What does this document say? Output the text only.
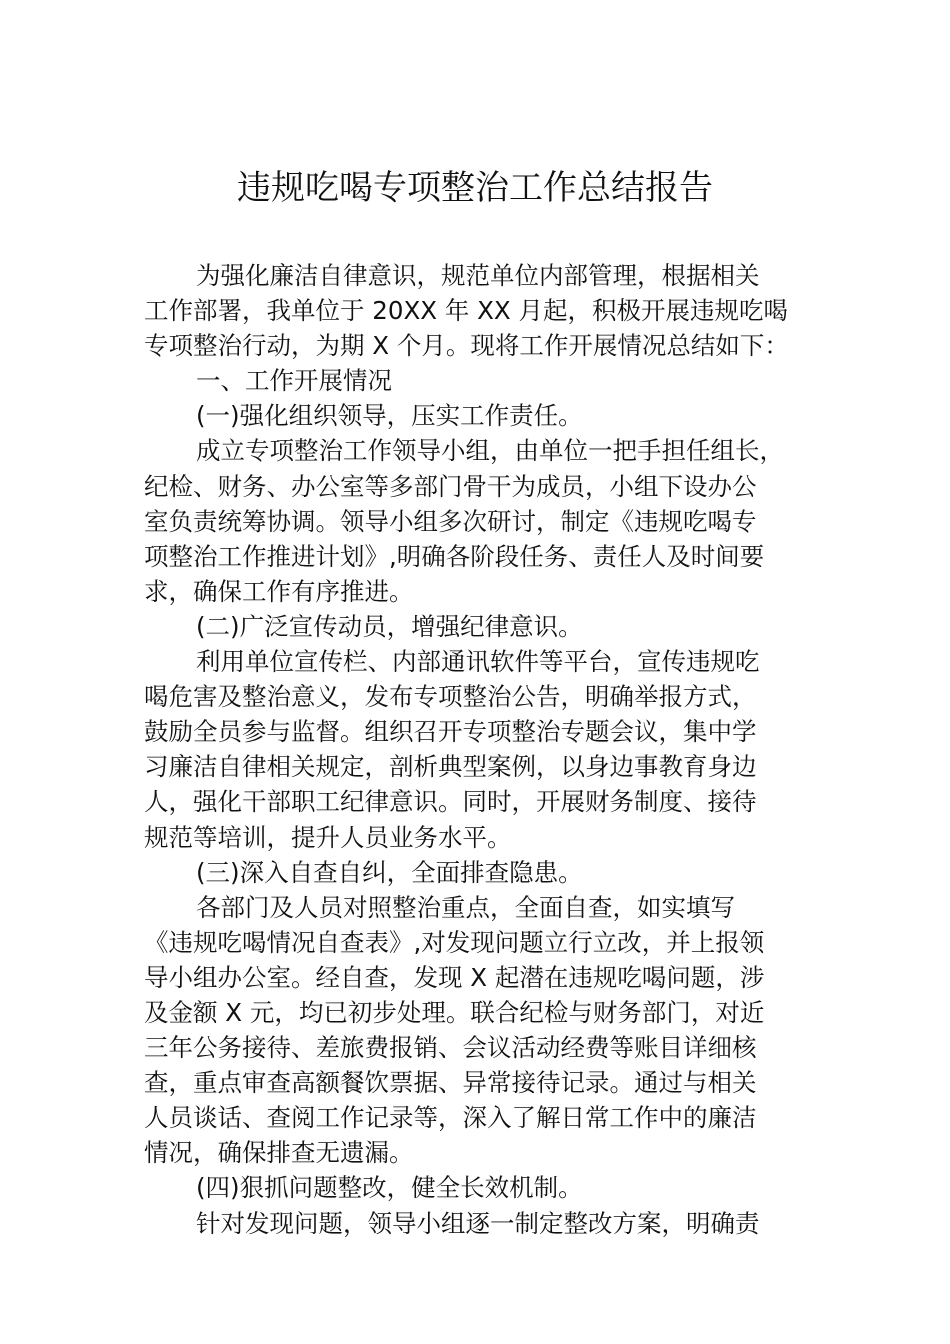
违规吃喝专项整治工作总结报告
为强化廉洁自律意识，规范单位内部管理，根据相关
工作部署，我单位于 20XX 年 XX 月起，积极开展违规吃喝
专项整治行动，为期 X 个月。现将工作开展情况总结如下：
一、工作开展情况
(一)强化组织领导，压实工作责任。
成立专项整治工作领导小组，由单位一把手担任组长，
纪检、财务、办公室等多部门骨干为成员，小组下设办公
室负责统筹协调。领导小组多次研讨，制定《违规吃喝专
项整治工作推进计划》,明确各阶段任务、责任人及时间要
求，确保工作有序推进。
(二)广泛宣传动员，增强纪律意识。
利用单位宣传栏、内部通讯软件等平台，宣传违规吃
喝危害及整治意义，发布专项整治公告，明确举报方式，
鼓励全员参与监督。组织召开专项整治专题会议，集中学
习廉洁自律相关规定，剖析典型案例，以身边事教育身边
人，强化干部职工纪律意识。同时，开展财务制度、接待
规范等培训，提升人员业务水平。
(三)深入自查自纠，全面排查隐患。
各部门及人员对照整治重点，全面自查，如实填写
《违规吃喝情况自查表》,对发现问题立行立改，并上报领
导小组办公室。经自查，发现 X 起潜在违规吃喝问题，涉
及金额 X 元，均已初步处理。联合纪检与财务部门，对近
三年公务接待、差旅费报销、会议活动经费等账目详细核
查，重点审查高额餐饮票据、异常接待记录。通过与相关
人员谈话、查阅工作记录等，深入了解日常工作中的廉洁
情况，确保排查无遗漏。
(四)狠抓问题整改，健全长效机制。
针对发现问题，领导小组逐一制定整改方案，明确责
